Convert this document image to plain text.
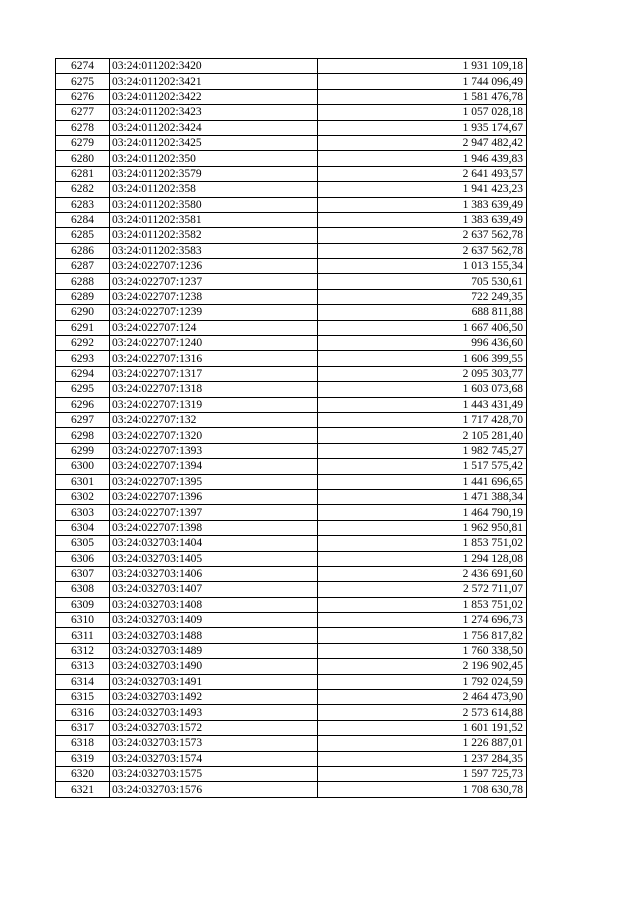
6274	03:24:011202:3420	1 931 109,18
6275	03:24:011202:3421	1 744 096,49
6276	03:24:011202:3422	1 581 476,78
6277	03:24:011202:3423	1 057 028,18
6278	03:24:011202:3424	1 935 174,67
6279	03:24:011202:3425	2 947 482,42
6280	03:24:011202:350	1 946 439,83
6281	03:24:011202:3579	2 641 493,57
6282	03:24:011202:358	1 941 423,23
6283	03:24:011202:3580	1 383 639,49
6284	03:24:011202:3581	1 383 639,49
6285	03:24:011202:3582	2 637 562,78
6286	03:24:011202:3583	2 637 562,78
6287	03:24:022707:1236	1 013 155,34
6288	03:24:022707:1237	705 530,61
6289	03:24:022707:1238	722 249,35
6290	03:24:022707:1239	688 811,88
6291	03:24:022707:124	1 667 406,50
6292	03:24:022707:1240	996 436,60
6293	03:24:022707:1316	1 606 399,55
6294	03:24:022707:1317	2 095 303,77
6295	03:24:022707:1318	1 603 073,68
6296	03:24:022707:1319	1 443 431,49
6297	03:24:022707:132	1 717 428,70
6298	03:24:022707:1320	2 105 281,40
6299	03:24:022707:1393	1 982 745,27
6300	03:24:022707:1394	1 517 575,42
6301	03:24:022707:1395	1 441 696,65
6302	03:24:022707:1396	1 471 388,34
6303	03:24:022707:1397	1 464 790,19
6304	03:24:022707:1398	1 962 950,81
6305	03:24:032703:1404	1 853 751,02
6306	03:24:032703:1405	1 294 128,08
6307	03:24:032703:1406	2 436 691,60
6308	03:24:032703:1407	2 572 711,07
6309	03:24:032703:1408	1 853 751,02
6310	03:24:032703:1409	1 274 696,73
6311	03:24:032703:1488	1 756 817,82
6312	03:24:032703:1489	1 760 338,50
6313	03:24:032703:1490	2 196 902,45
6314	03:24:032703:1491	1 792 024,59
6315	03:24:032703:1492	2 464 473,90
6316	03:24:032703:1493	2 573 614,88
6317	03:24:032703:1572	1 601 191,52
6318	03:24:032703:1573	1 226 887,01
6319	03:24:032703:1574	1 237 284,35
6320	03:24:032703:1575	1 597 725,73
6321	03:24:032703:1576	1 708 630,78
